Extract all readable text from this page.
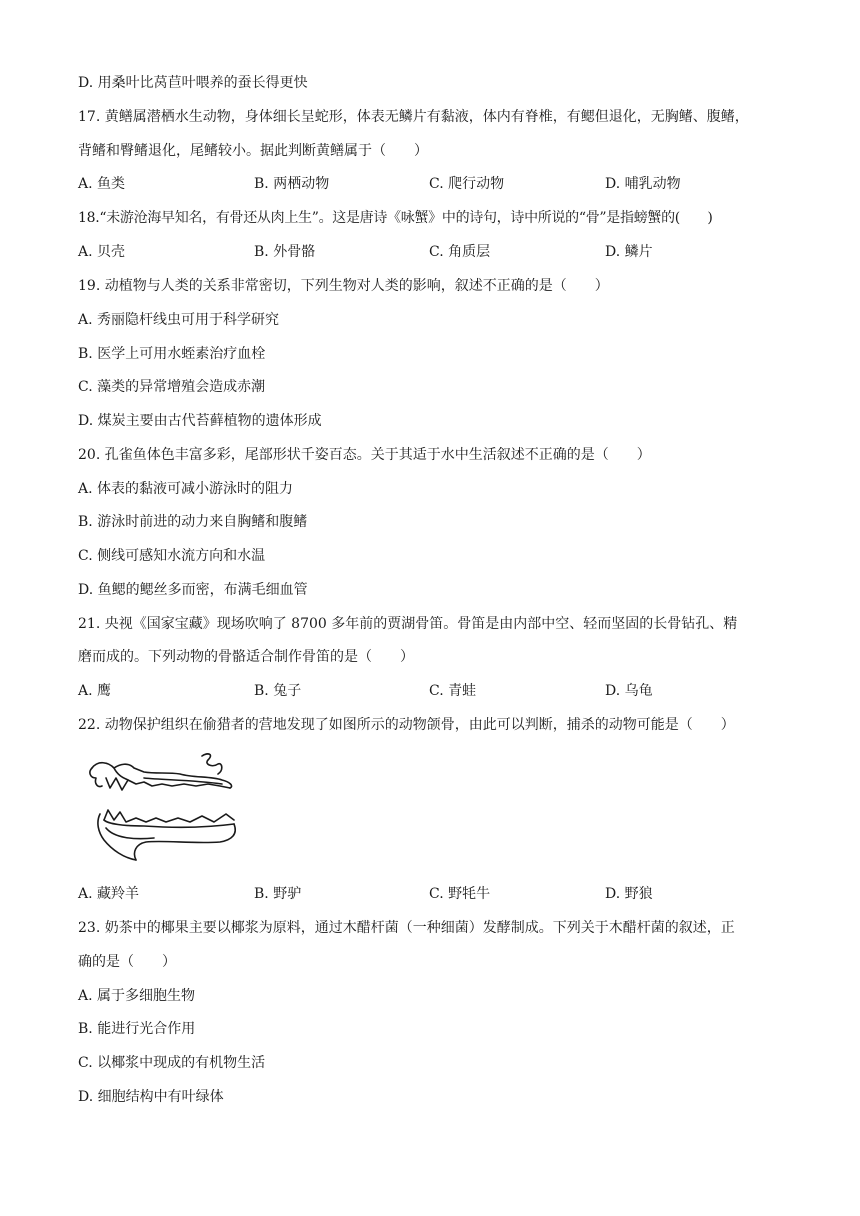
D. 用桑叶比莴苣叶喂养的蚕长得更快
17. 黄鳝属潜栖水生动物，身体细长呈蛇形，体表无鳞片有黏液，体内有脊椎，有鳃但退化，无胸鳍、腹鳍，
背鳍和臀鳍退化，尾鳍较小。据此判断黄鳝属于（　　）
A. 鱼类	B. 两栖动物	C. 爬行动物	D. 哺乳动物
18.“未游沧海早知名，有骨还从肉上生”。这是唐诗《咏蟹》中的诗句，诗中所说的“骨”是指螃蟹的(　　)
A. 贝壳	B. 外骨骼	C. 角质层	D. 鳞片
19. 动植物与人类的关系非常密切，下列生物对人类的影响，叙述不正确的是（　　）
A. 秀丽隐杆线虫可用于科学研究
B. 医学上可用水蛭素治疗血栓
C. 藻类的异常增殖会造成赤潮
D. 煤炭主要由古代苔藓植物的遗体形成
20. 孔雀鱼体色丰富多彩，尾部形状千姿百态。关于其适于水中生活叙述不正确的是（　　）
A. 体表的黏液可减小游泳时的阻力
B. 游泳时前进的动力来自胸鳍和腹鳍
C. 侧线可感知水流方向和水温
D. 鱼鳃的鳃丝多而密，布满毛细血管
21. 央视《国家宝藏》现场吹响了 8700 多年前的贾湖骨笛。骨笛是由内部中空、轻而坚固的长骨钻孔、精
磨而成的。下列动物的骨骼适合制作骨笛的是（　　）
A. 鹰	B. 兔子	C. 青蛙	D. 乌龟
22. 动物保护组织在偷猎者的营地发现了如图所示的动物颌骨，由此可以判断，捕杀的动物可能是（　　）
A. 藏羚羊	B. 野驴	C. 野牦牛	D. 野狼
23. 奶茶中的椰果主要以椰浆为原料，通过木醋杆菌（一种细菌）发酵制成。下列关于木醋杆菌的叙述，正
确的是（　　）
A. 属于多细胞生物
B. 能进行光合作用
C. 以椰浆中现成的有机物生活
D. 细胞结构中有叶绿体
